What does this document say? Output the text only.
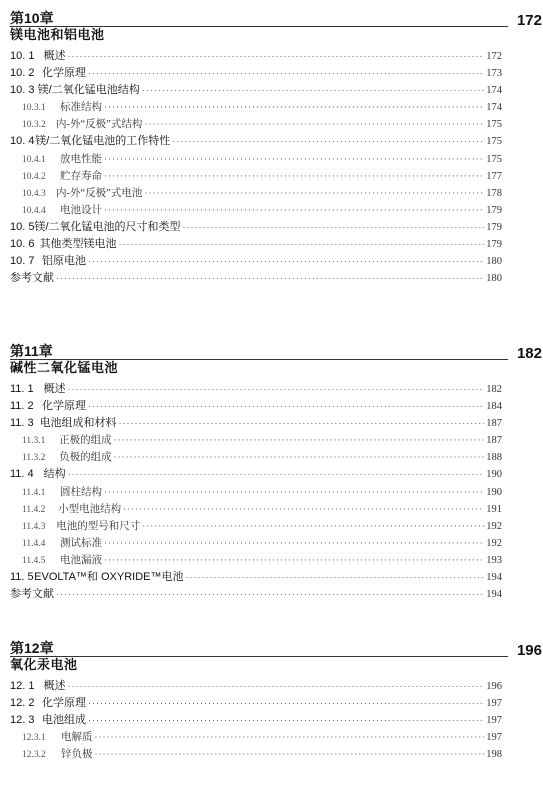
第10章
镁电池和铝电池
172
10. 1 概述 ·····	172
10. 2 化学原理 ·····	173
10. 3 镁/二氧化锰电池结构 ·····	174
10.3.1	标准结构 ·····	174
10.3.2 内-外“反极”式结构 ·····	175
10. 4 镁/二氧化锰电池的工作特性 ·····	175
10.4.1	放电性能 ·····	175
10.4.2	贮存寿命 ·····	177
10.4.3 内-外“反极”式电池 ·····	178
10.4.4	电池设计 ·····	179
10. 5 镁/二氧化锰电池的尺寸和类型 ·····	179
10. 6 其他类型镁电池 ·····	179
10. 7 铝原电池 ·····	180
参考文献 ·····	180
第11章
碱性二氧化锰电池
182
11. 1 概述 ·····	182
11. 2 化学原理 ·····	184
11. 3 电池组成和材料 ·····	187
11.3.1	正极的组成 ·····	187
11.3.2	负极的组成 ·····	188
11. 4 结构 ·····	190
11.4.1	圆柱结构 ·····	190
11.4.2	小型电池结构 ·····	191
11.4.3	电池的型号和尺寸 ·····	192
11.4.4	测试标准 ·····	192
11.4.5	电池漏液 ·····	193
11. 5 EVOLTA™和 OXYRIDE™电池 ·····	194
参考文献 ·····	194
第12章
氧化汞电池
196
12. 1 概述 ·····	196
12. 2 化学原理 ·····	197
12. 3 电池组成 ·····	197
12.3.1	电解质 ·····	197
12.3.2	锌负极 ·····	198
